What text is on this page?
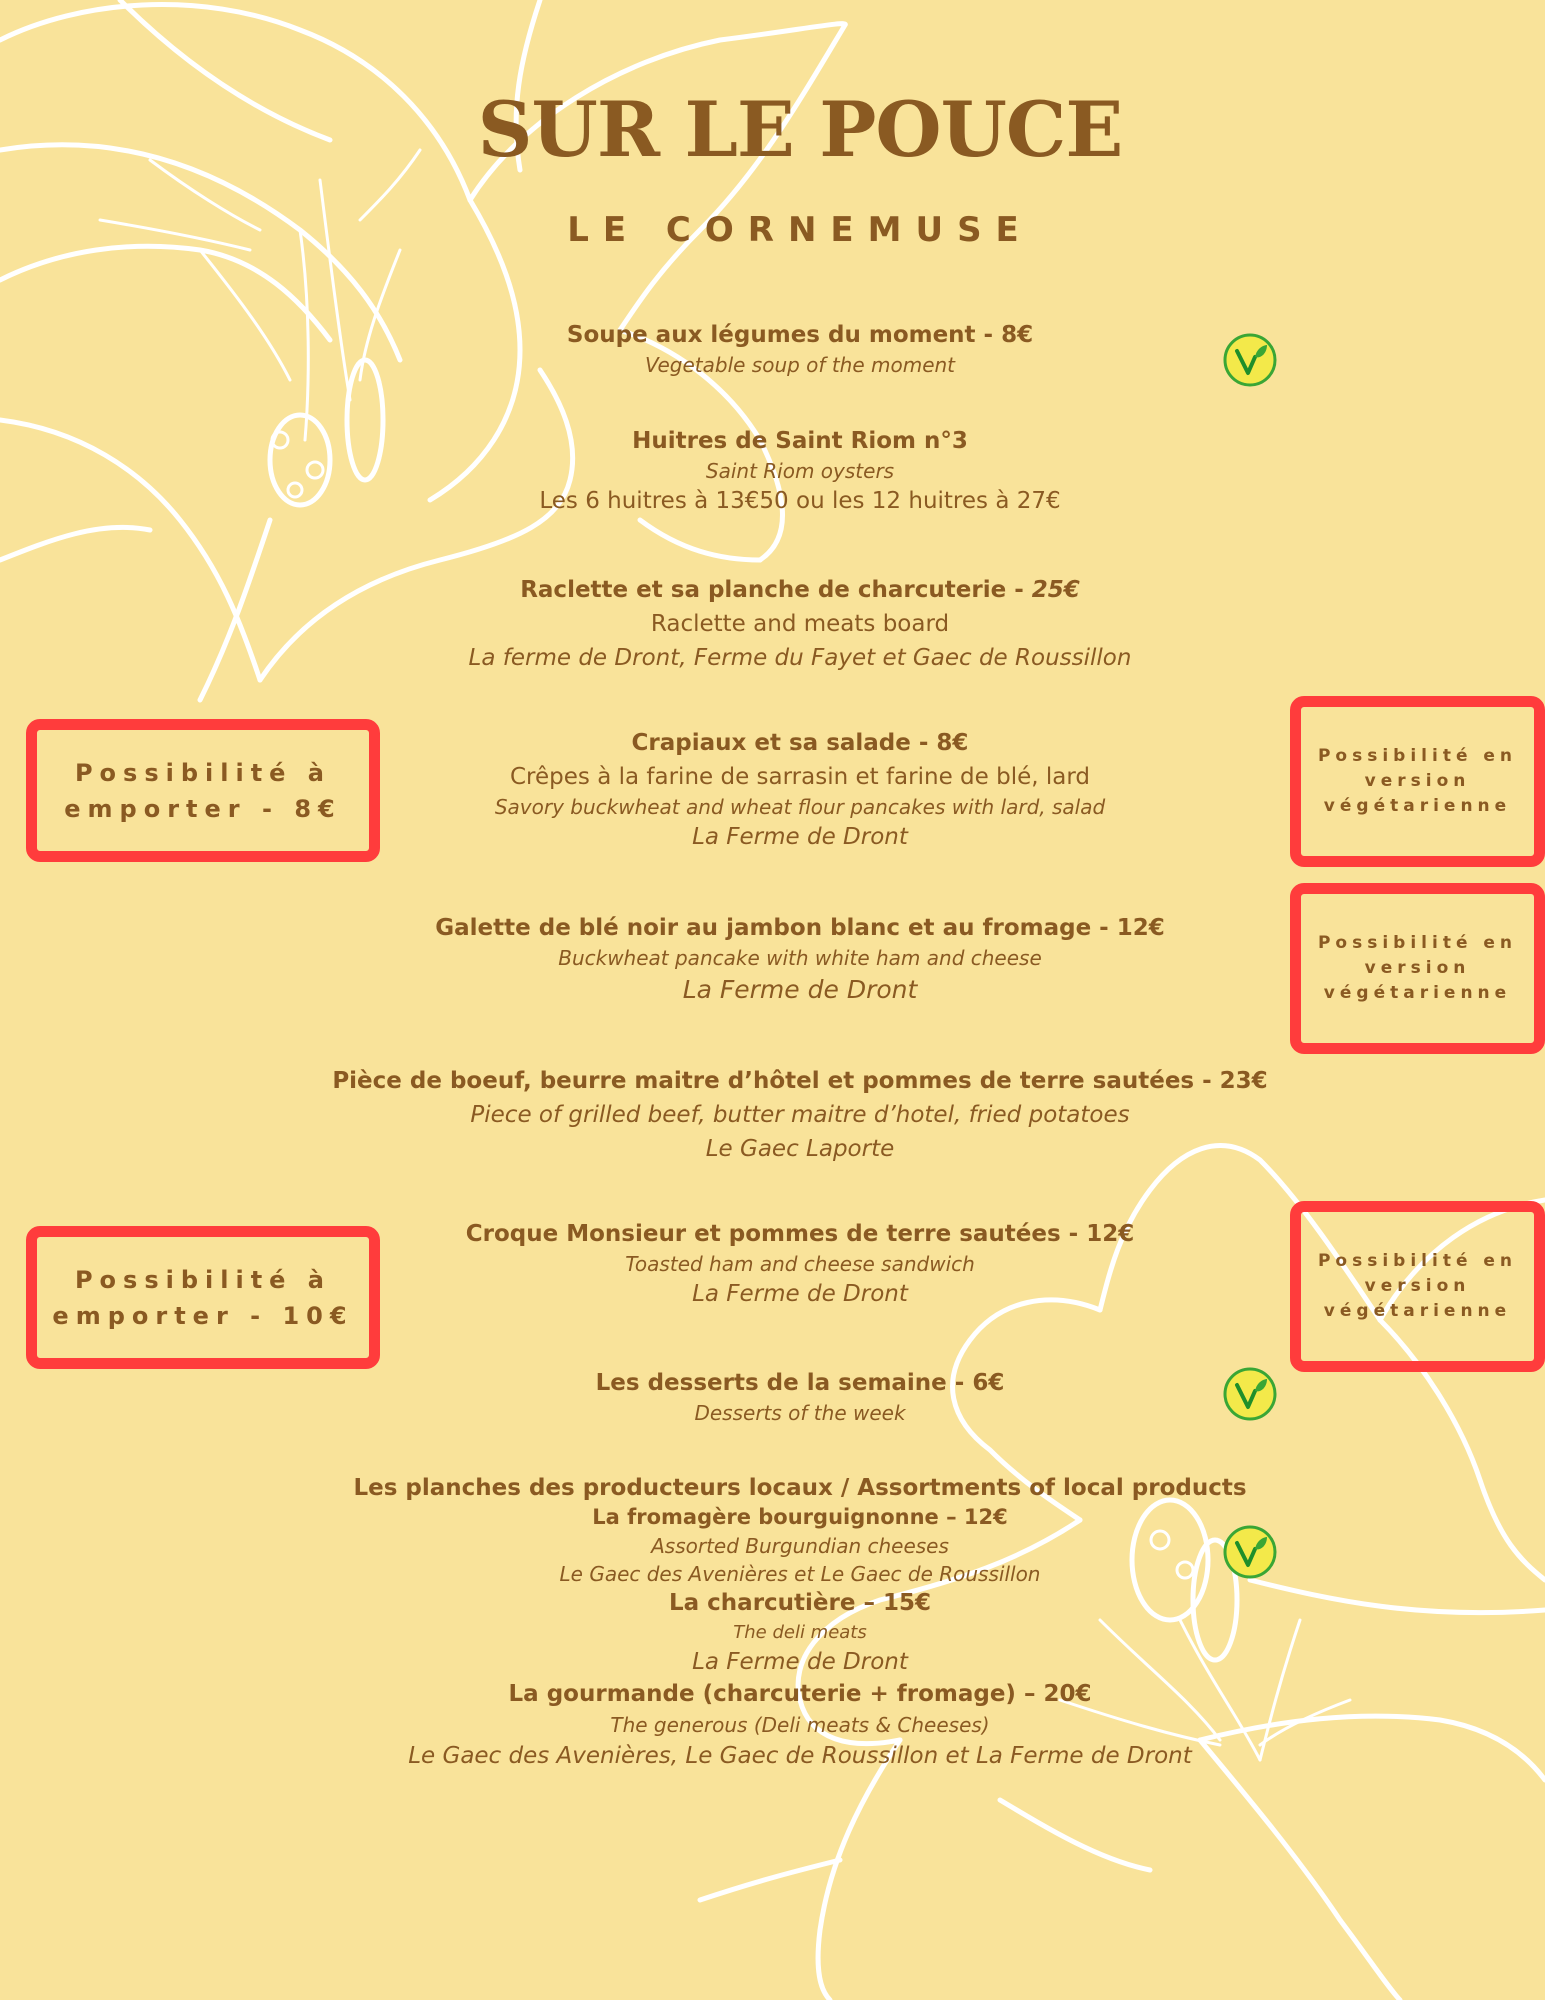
SUR LE POUCE
LE CORNEMUSE
Soupe aux légumes du moment - 8€
Vegetable soup of the moment
Huitres de Saint Riom n°3
Saint Riom oysters
Les 6 huitres à 13€50 ou les 12 huitres à 27€
Raclette et sa planche de charcuterie - 25€
Raclette and meats board
La ferme de Dront, Ferme du Fayet et Gaec de Roussillon
Crapiaux et sa salade - 8€
Crêpes à la farine de sarrasin et farine de blé, lard
Savory buckwheat and wheat flour pancakes with lard, salad
La Ferme de Dront
Galette de blé noir au jambon blanc et au fromage - 12€
Buckwheat pancake with white ham and cheese
La Ferme de Dront
Pièce de boeuf, beurre maitre d’hôtel et pommes de terre sautées - 23€
Piece of grilled beef, butter maitre d’hotel, fried potatoes
Le Gaec Laporte
Croque Monsieur et pommes de terre sautées - 12€
Toasted ham and cheese sandwich
La Ferme de Dront
Les desserts de la semaine - 6€
Desserts of the week
Les planches des producteurs locaux / Assortments of local products
La fromagère bourguignonne – 12€
Assorted Burgundian cheeses
Le Gaec des Avenières et Le Gaec de Roussillon
La charcutière – 15€
The deli meats
La Ferme de Dront
La gourmande (charcuterie + fromage) – 20€
The generous (Deli meats & Cheeses)
Le Gaec des Avenières, Le Gaec de Roussillon et La Ferme de Dront
Possibilité à
emporter - 8€
Possibilité à
emporter - 10€
Possibilité en
version
végétarienne
Possibilité en
version
végétarienne
Possibilité en
version
végétarienne
